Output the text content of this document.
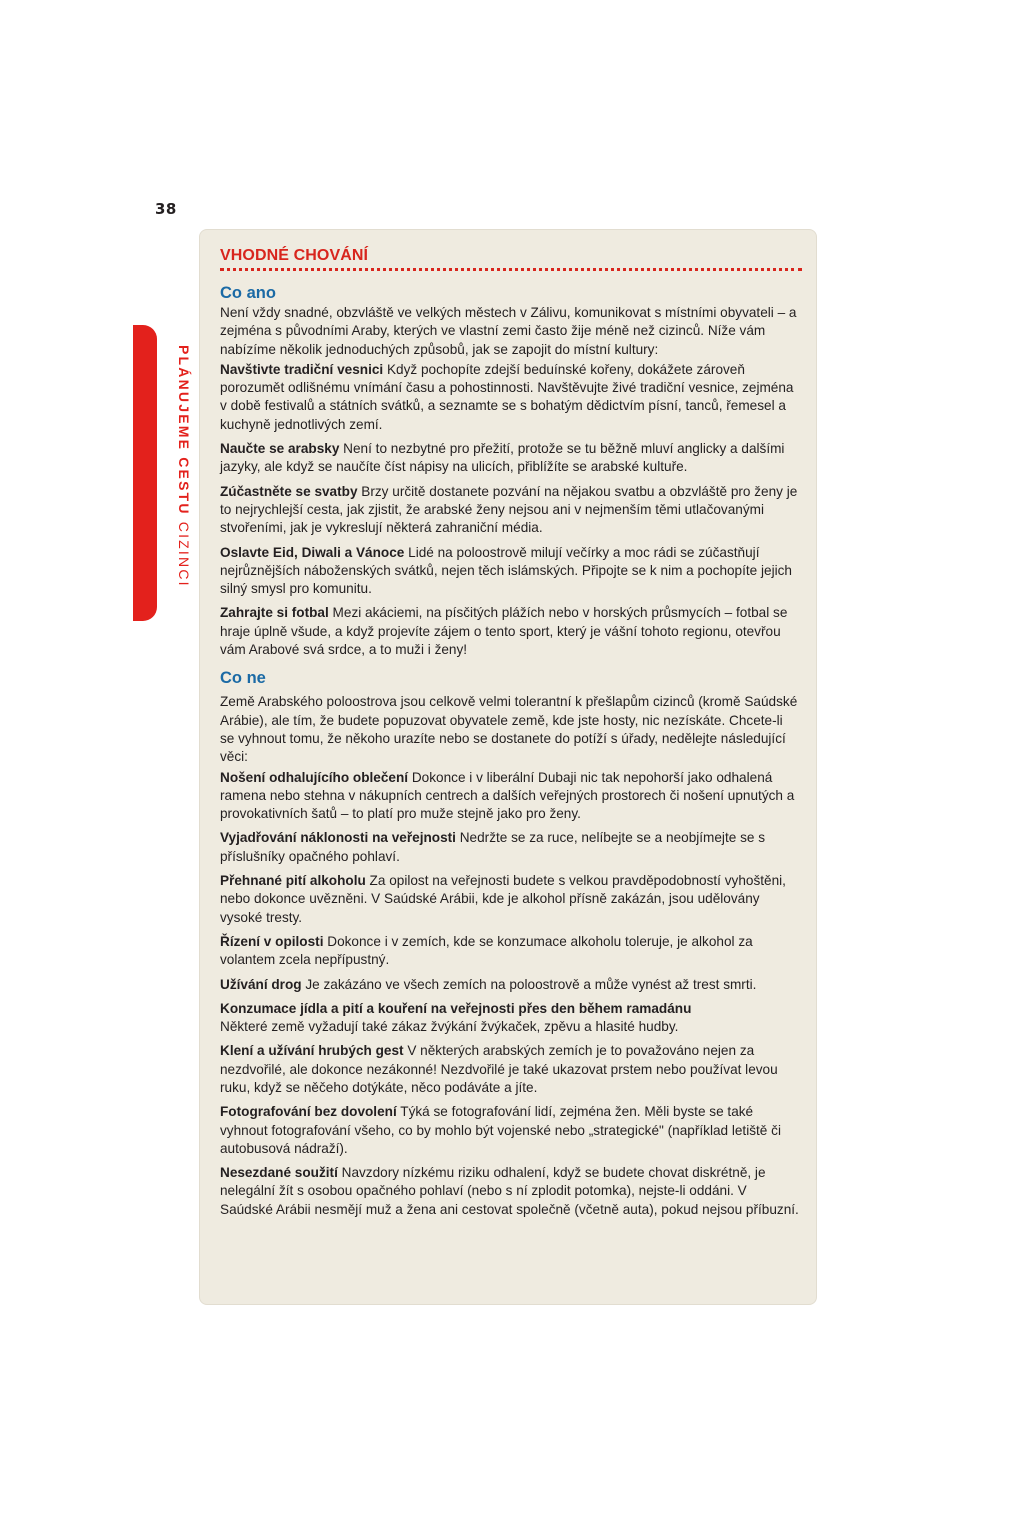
38
PLÁNUJEME CESTU CIZINCI
VHODNÉ CHOVÁNÍ
Co ano

Není vždy snadné, obzvláště ve velkých městech v Zálivu, komunikovat s místními obyvateli – a zejména s původními Araby, kterých ve vlastní zemi často žije méně než cizinců. Níže vám nabízíme několik jednoduchých způsobů, jak se zapojit do místní kultury:

Navštivte tradiční vesnici Když pochopíte zdejší beduínské kořeny, dokážete zároveň porozumět odlišnému vnímání času a pohostinnosti. Navštěvujte živé tradiční vesnice, zejména v době festivalů a státních svátků, a seznamte se s bohatým dědictvím písní, tanců, řemesel a kuchyně jednotlivých zemí.

Naučte se arabsky Není to nezbytné pro přežití, protože se tu běžně mluví anglicky a dalšími jazyky, ale když se naučíte číst nápisy na ulicích, přiblížíte se arabské kultuře.

Zúčastněte se svatby Brzy určitě dostanete pozvání na nějakou svatbu a obzvláště pro ženy je to nejrychlejší cesta, jak zjistit, že arabské ženy nejsou ani v nejmenším těmi utlačovanými stvořeními, jak je vykreslují některá zahraniční média.

Oslavte Eid, Diwali a Vánoce Lidé na poloostrově milují večírky a moc rádi se zúčastňují nejrůznějších náboženských svátků, nejen těch islámských. Připojte se k nim a pochopíte jejich silný smysl pro komunitu.

Zahrajte si fotbal Mezi akáciemi, na písčitých plážích nebo v horských průsmycích – fotbal se hraje úplně všude, a když projevíte zájem o tento sport, který je vášní tohoto regionu, otevřou vám Arabové svá srdce, a to muži i ženy!

Co ne

Země Arabského poloostrova jsou celkově velmi tolerantní k přešlapům cizinců (kromě Saúdské Arábie), ale tím, že budete popuzovat obyvatele země, kde jste hosty, nic nezískáte. Chcete-li se vyhnout tomu, že někoho urazíte nebo se dostanete do potíží s úřady, nedělejte následující věci:

Nošení odhalujícího oblečení Dokonce i v liberální Dubaji nic tak nepohorší jako odhalená ramena nebo stehna v nákupních centrech a dalších veřejných prostorech či nošení upnutých a provokativních šatů – to platí pro muže stejně jako pro ženy.

Vyjadřování náklonosti na veřejnosti Nedržte se za ruce, nelíbejte se a neobjímejte se s příslušníky opačného pohlaví.

Přehnané pití alkoholu Za opilost na veřejnosti budete s velkou pravděpodobností vyhoštěni, nebo dokonce uvězněni. V Saúdské Arábii, kde je alkohol přísně zakázán, jsou udělovány vysoké tresty.

Řízení v opilosti Dokonce i v zemích, kde se konzumace alkoholu toleruje, je alkohol za volantem zcela nepřípustný.

Užívání drog Je zakázáno ve všech zemích na poloostrově a může vynést až trest smrti.

Konzumace jídla a pití a kouření na veřejnosti přes den během ramadánu
Některé země vyžadují také zákaz žvýkání žvýkaček, zpěvu a hlasité hudby.

Klení a užívání hrubých gest V některých arabských zemích je to považováno nejen za nezdvořilé, ale dokonce nezákonné! Nezdvořilé je také ukazovat prstem nebo používat levou ruku, když se něčeho dotýkáte, něco podáváte a jíte.

Fotografování bez dovolení Týká se fotografování lidí, zejména žen. Měli byste se také vyhnout fotografování všeho, co by mohlo být vojenské nebo „strategické" (například letiště či autobusová nádraží).

Nesezdané soužití Navzdory nízkému riziku odhalení, když se budete chovat diskrétně, je nelegální žít s osobou opačného pohlaví (nebo s ní zplodit potomka), nejste-li oddáni. V Saúdské Arábii nesmějí muž a žena ani cestovat společně (včetně auta), pokud nejsou příbuzní.
